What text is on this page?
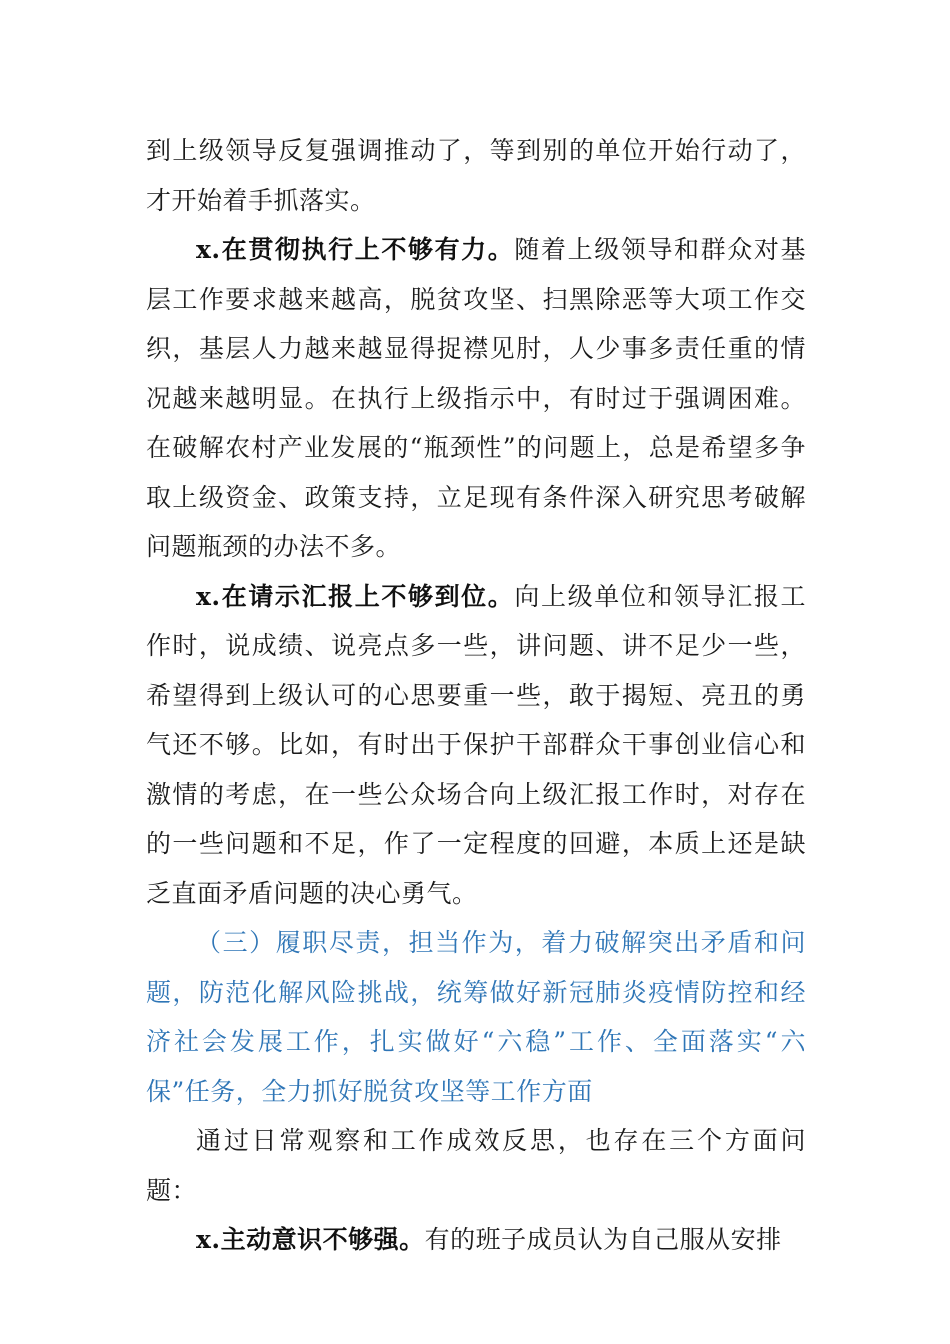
到上级领导反复强调推动了，等到别的单位开始行动了，才开始着手抓落实。

x.在贯彻执行上不够有力。随着上级领导和群众对基层工作要求越来越高，脱贫攻坚、扫黑除恶等大项工作交织，基层人力越来越显得捉襟见肘，人少事多责任重的情况越来越明显。在执行上级指示中，有时过于强调困难。在破解农村产业发展的“瓶颈性”的问题上，总是希望多争取上级资金、政策支持，立足现有条件深入研究思考破解问题瓶颈的办法不多。

x.在请示汇报上不够到位。向上级单位和领导汇报工作时，说成绩、说亮点多一些，讲问题、讲不足少一些，希望得到上级认可的心思要重一些，敢于揭短、亮丑的勇气还不够。比如，有时出于保护干部群众干事创业信心和激情的考虑，在一些公众场合向上级汇报工作时，对存在的一些问题和不足，作了一定程度的回避，本质上还是缺乏直面矛盾问题的决心勇气。

（三）履职尽责，担当作为，着力破解突出矛盾和问题，防范化解风险挑战，统筹做好新冠肺炎疫情防控和经济社会发展工作，扎实做好“六稳”工作、全面落实“六保”任务，全力抓好脱贫攻坚等工作方面

通过日常观察和工作成效反思，也存在三个方面问题：

x.主动意识不够强。有的班子成员认为自己服从安排
